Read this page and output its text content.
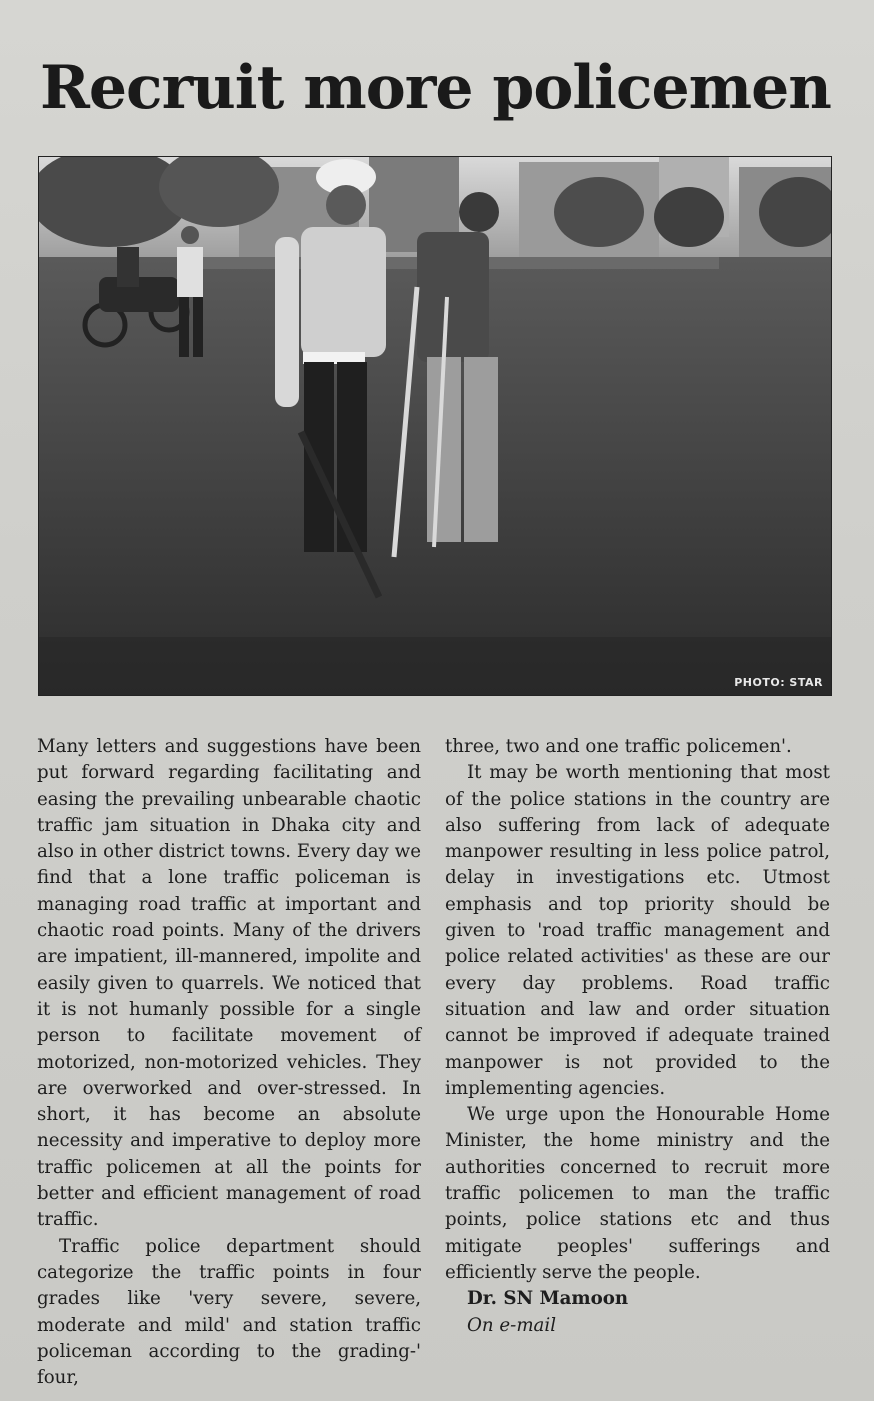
Recruit more policemen
PHOTO: STAR

Many letters and suggestions have been put forward regarding facilitating and easing the prevailing unbearable chaotic traffic jam situation in Dhaka city and also in other district towns. Every day we find that a lone traffic policeman is managing road traffic at important and chaotic road points. Many of the drivers are impatient, ill-mannered, impolite and easily given to quarrels. We noticed that it is not humanly possible for a single person to facilitate movement of motorized, non-motorized vehicles. They are overworked and over-stressed. In short, it has become an absolute necessity and imperative to deploy more traffic policemen at all the points for better and efficient management of road traffic.

Traffic police department should categorize the traffic points in four grades like 'very severe, severe, moderate and mild' and station traffic policeman according to the grading-' four,

three, two and one traffic policemen'.

It may be worth mentioning that most of the police stations in the country are also suffering from lack of adequate manpower resulting in less police patrol, delay in investigations etc. Utmost emphasis and top priority should be given to 'road traffic management and police related activities' as these are our every day problems. Road traffic situation and law and order situation cannot be improved if adequate trained manpower is not provided to the implementing agencies.

We urge upon the Honourable Home Minister, the home ministry and the authorities concerned to recruit more traffic policemen to man the traffic points, police stations etc and thus mitigate peoples' sufferings and efficiently serve the people.

Dr. SN Mamoon

On e-mail
